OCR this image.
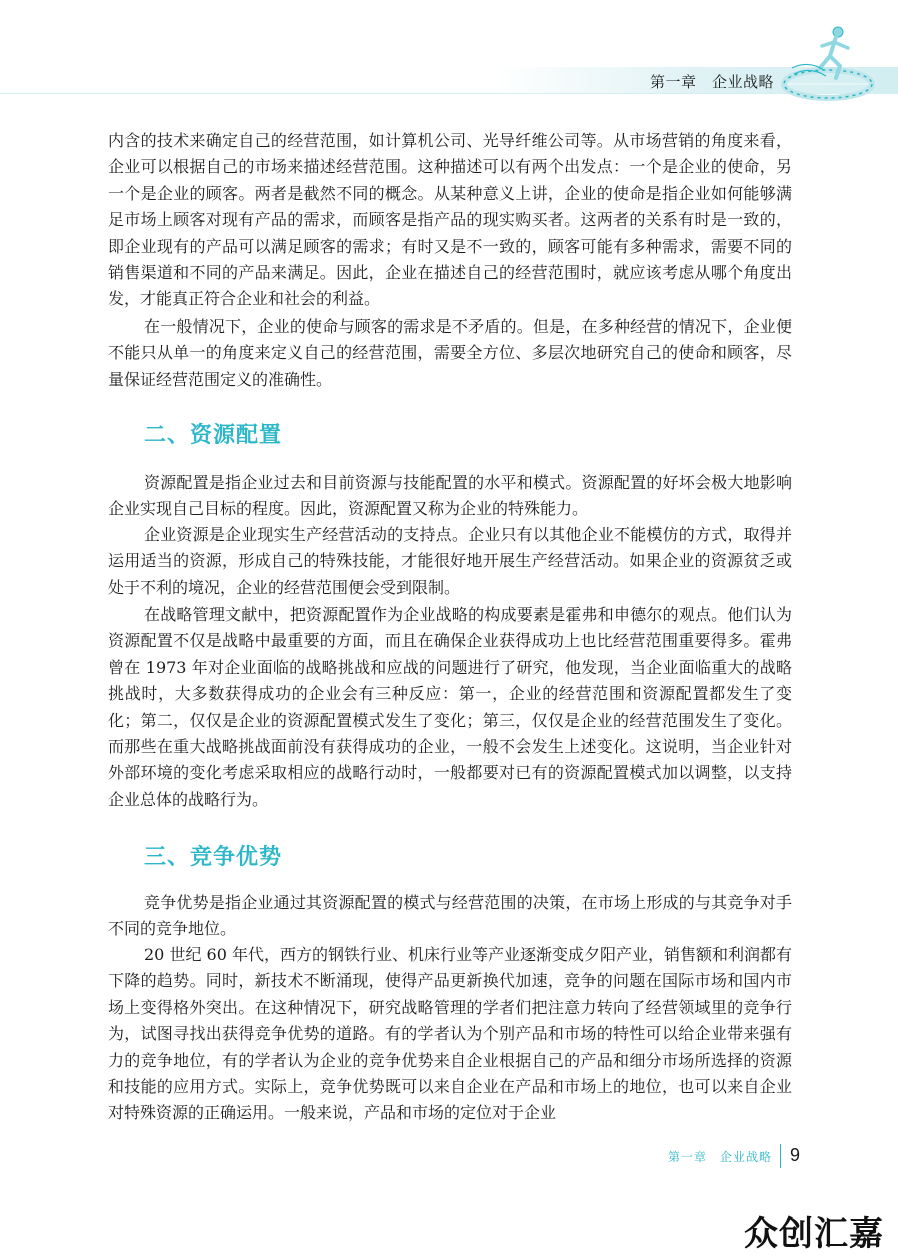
第一章　企业战略

内含的技术来确定自己的经营范围，如计算机公司、光导纤维公司等。从市场营销的角度来看，企业可以根据自己的市场来描述经营范围。这种描述可以有两个出发点：一个是企业的使命，另一个是企业的顾客。两者是截然不同的概念。从某种意义上讲，企业的使命是指企业如何能够满足市场上顾客对现有产品的需求，而顾客是指产品的现实购买者。这两者的关系有时是一致的，即企业现有的产品可以满足顾客的需求；有时又是不一致的，顾客可能有多种需求，需要不同的销售渠道和不同的产品来满足。因此，企业在描述自己的经营范围时，就应该考虑从哪个角度出发，才能真正符合企业和社会的利益。

在一般情况下，企业的使命与顾客的需求是不矛盾的。但是，在多种经营的情况下，企业便不能只从单一的角度来定义自己的经营范围，需要全方位、多层次地研究自己的使命和顾客，尽量保证经营范围定义的准确性。

二、资源配置

资源配置是指企业过去和目前资源与技能配置的水平和模式。资源配置的好坏会极大地影响企业实现自己目标的程度。因此，资源配置又称为企业的特殊能力。

企业资源是企业现实生产经营活动的支持点。企业只有以其他企业不能模仿的方式，取得并运用适当的资源，形成自己的特殊技能，才能很好地开展生产经营活动。如果企业的资源贫乏或处于不利的境况，企业的经营范围便会受到限制。

在战略管理文献中，把资源配置作为企业战略的构成要素是霍弗和申德尔的观点。他们认为资源配置不仅是战略中最重要的方面，而且在确保企业获得成功上也比经营范围重要得多。霍弗曾在 1973 年对企业面临的战略挑战和应战的问题进行了研究，他发现，当企业面临重大的战略挑战时，大多数获得成功的企业会有三种反应：第一，企业的经营范围和资源配置都发生了变化；第二，仅仅是企业的资源配置模式发生了变化；第三，仅仅是企业的经营范围发生了变化。而那些在重大战略挑战面前没有获得成功的企业，一般不会发生上述变化。这说明，当企业针对外部环境的变化考虑采取相应的战略行动时，一般都要对已有的资源配置模式加以调整，以支持企业总体的战略行为。

三、竞争优势

竞争优势是指企业通过其资源配置的模式与经营范围的决策，在市场上形成的与其竞争对手不同的竞争地位。

20 世纪 60 年代，西方的钢铁行业、机床行业等产业逐渐变成夕阳产业，销售额和利润都有下降的趋势。同时，新技术不断涌现，使得产品更新换代加速，竞争的问题在国际市场和国内市场上变得格外突出。在这种情况下，研究战略管理的学者们把注意力转向了经营领域里的竞争行为，试图寻找出获得竞争优势的道路。有的学者认为个别产品和市场的特性可以给企业带来强有力的竞争地位，有的学者认为企业的竞争优势来自企业根据自己的产品和细分市场所选择的资源和技能的应用方式。实际上，竞争优势既可以来自企业在产品和市场上的地位，也可以来自企业对特殊资源的正确运用。一般来说，产品和市场的定位对于企业

第一章　企业战略 9
众创汇嘉
